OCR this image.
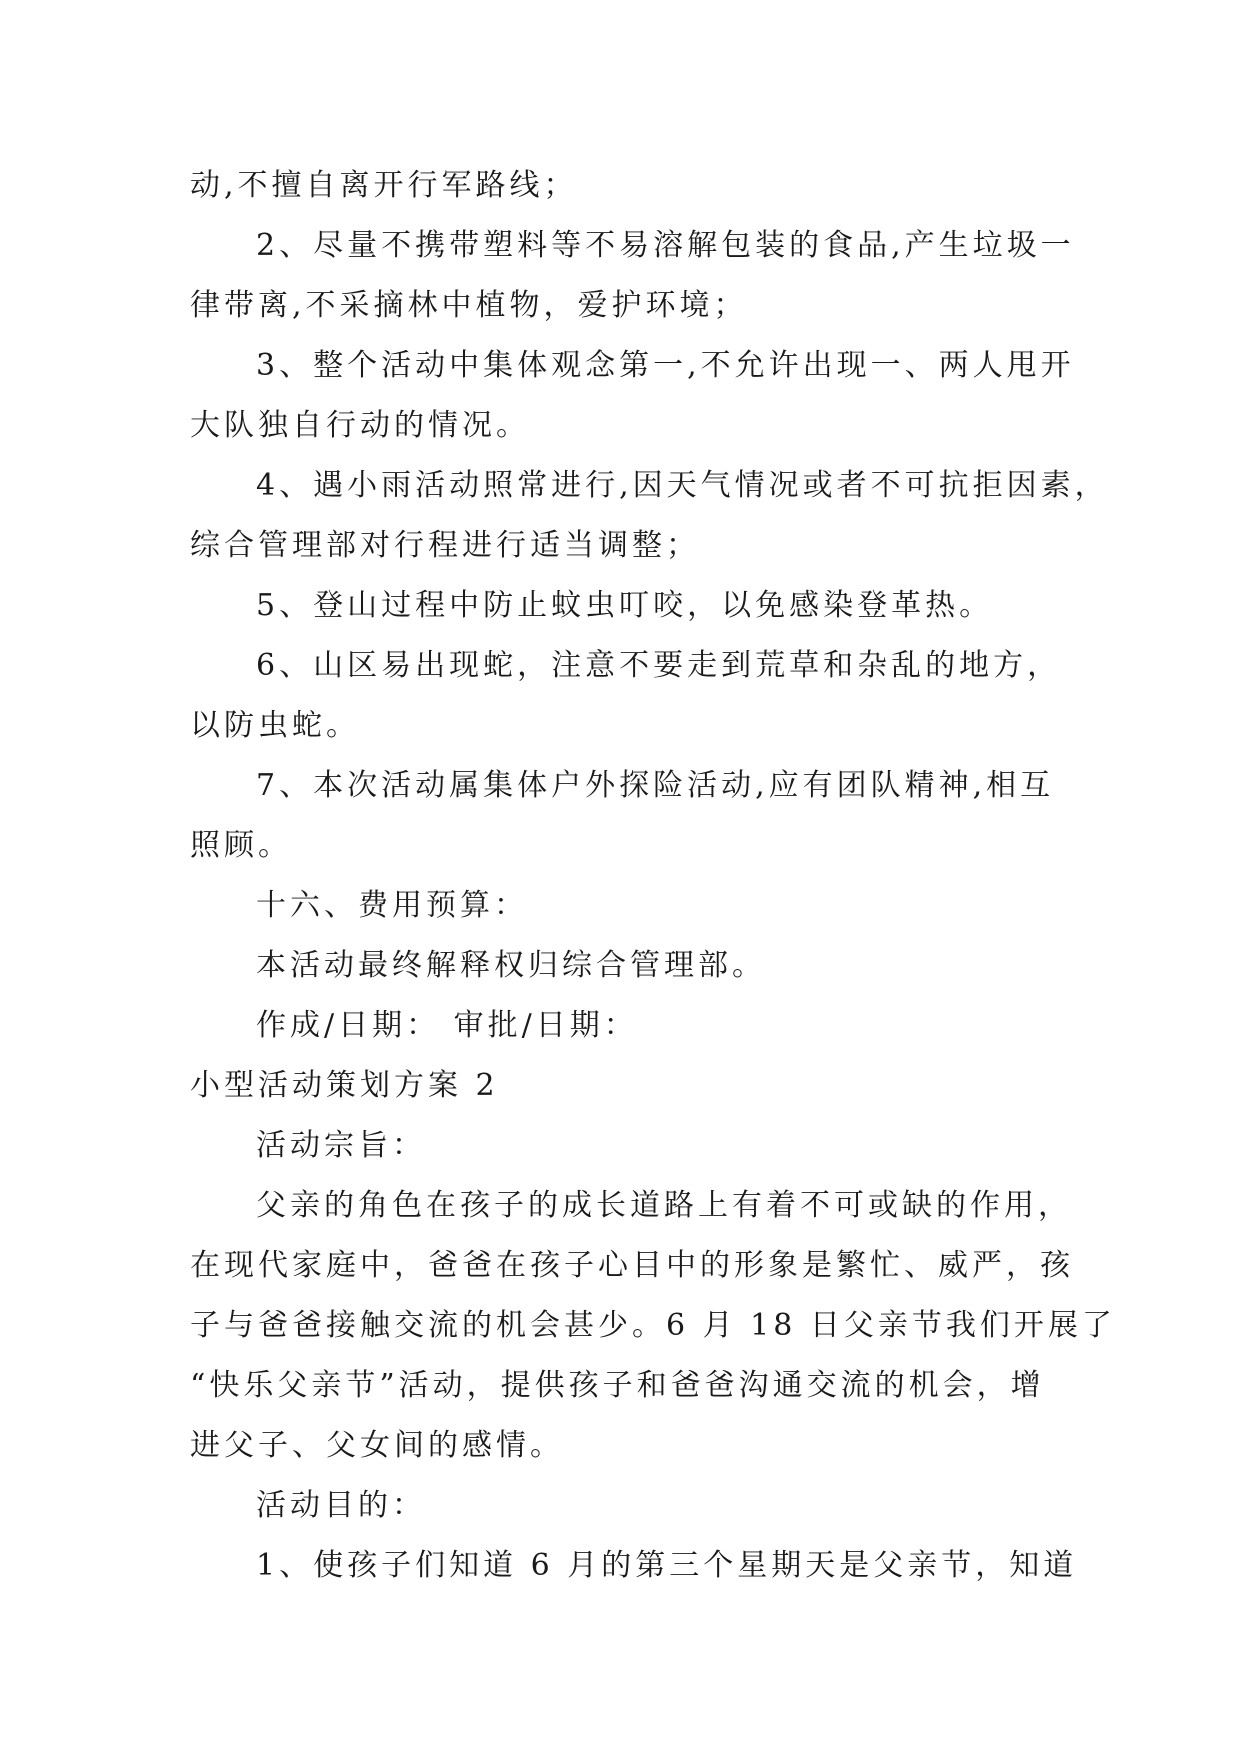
动,不擅自离开行军路线；
2、尽量不携带塑料等不易溶解包装的食品,产生垃圾一
律带离,不采摘林中植物，爱护环境；
3、整个活动中集体观念第一,不允许出现一、两人甩开
大队独自行动的情况。
4、遇小雨活动照常进行,因天气情况或者不可抗拒因素，
综合管理部对行程进行适当调整；
5、登山过程中防止蚊虫叮咬，以免感染登革热。
6、山区易出现蛇，注意不要走到荒草和杂乱的地方，
以防虫蛇。
7、本次活动属集体户外探险活动,应有团队精神,相互
照顾。
十六、费用预算：
本活动最终解释权归综合管理部。
作成/日期： 审批/日期：
小型活动策划方案 2
活动宗旨：
父亲的角色在孩子的成长道路上有着不可或缺的作用，
在现代家庭中，爸爸在孩子心目中的形象是繁忙、威严，孩
子与爸爸接触交流的机会甚少。6 月 18 日父亲节我们开展了
“快乐父亲节”活动，提供孩子和爸爸沟通交流的机会，增
进父子、父女间的感情。
活动目的：
1、使孩子们知道 6 月的第三个星期天是父亲节，知道
